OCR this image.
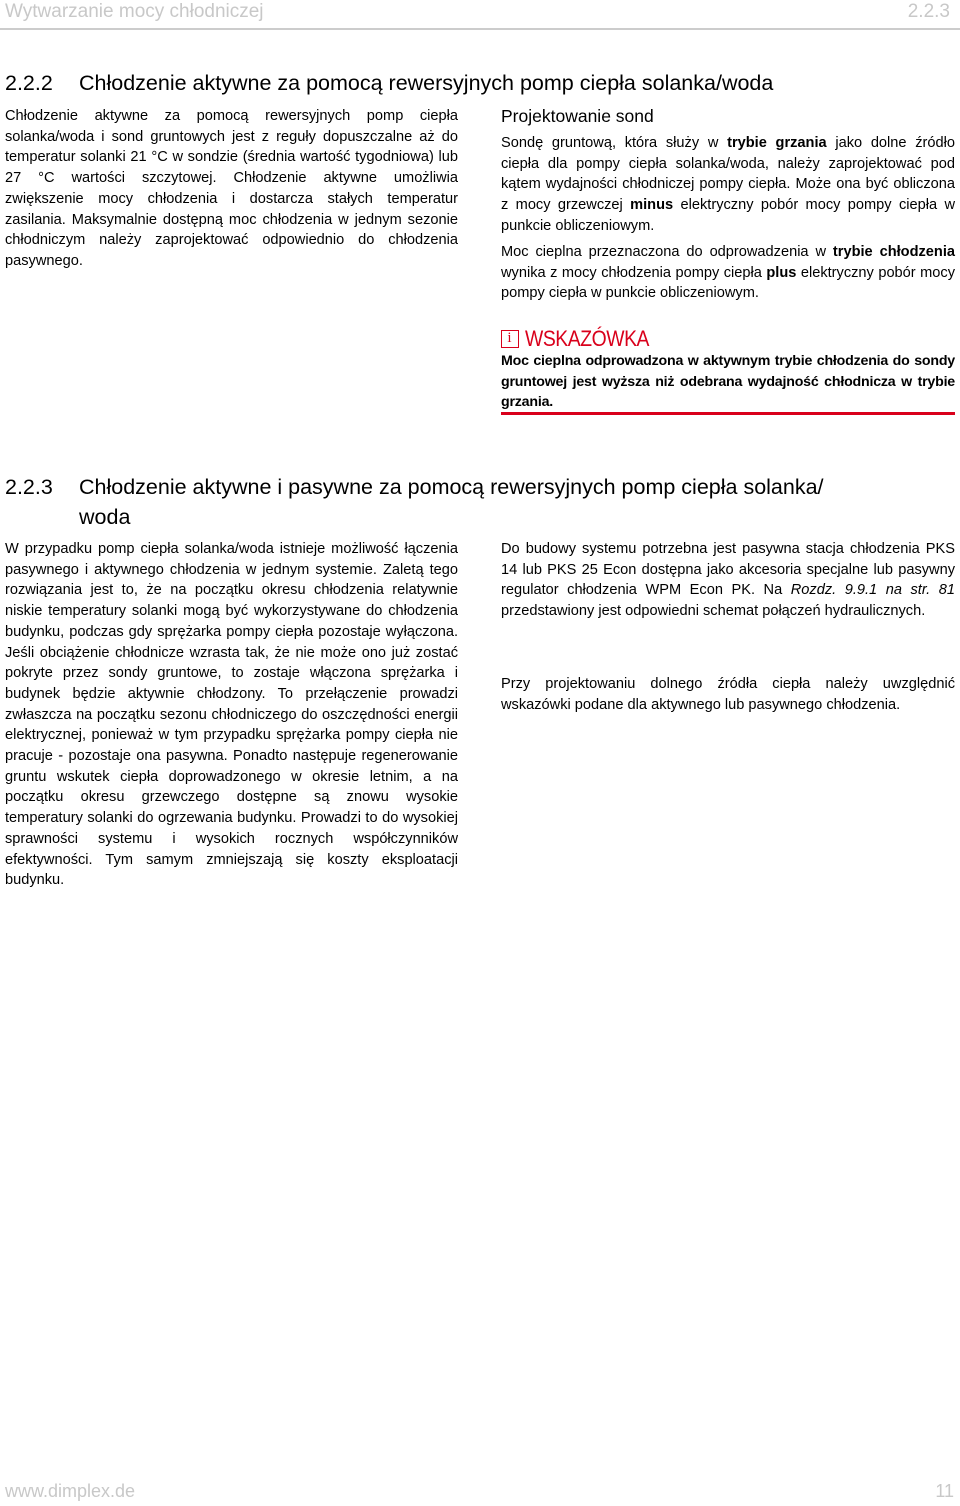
Wytwarzanie mocy chłodniczej	2.2.3
2.2.2 Chłodzenie aktywne za pomocą rewersyjnych pomp ciepła solanka/woda

Chłodzenie aktywne za pomocą rewersyjnych pomp ciepła solanka/woda i sond gruntowych jest z reguły dopuszczalne aż do temperatur solanki 21 °C w sondzie (średnia wartość tygodniowa) lub 27 °C wartości szczytowej. Chłodzenie aktywne umożliwia zwiększenie mocy chłodzenia i dostarcza stałych temperatur zasilania. Maksymalnie dostępną moc chłodzenia w jednym sezonie chłodniczym należy zaprojektować odpowiednio do chłodzenia pasywnego.

Projektowanie sond

Sondę gruntową, która służy w trybie grzania jako dolne źródło ciepła dla pompy ciepła solanka/woda, należy zaprojektować pod kątem wydajności chłodniczej pompy ciepła. Może ona być obliczona z mocy grzewczej minus elektryczny pobór mocy pompy ciepła w punkcie obliczeniowym.

Moc cieplna przeznaczona do odprowadzenia w trybie chłodzenia wynika z mocy chłodzenia pompy ciepła plus elektryczny pobór mocy pompy ciepła w punkcie obliczeniowym.

i WSKAZÓWKA

Moc cieplna odprowadzona w aktywnym trybie chłodzenia do sondy gruntowej jest wyższa niż odebrana wydajność chłodnicza w trybie grzania.

2.2.3 Chłodzenie aktywne i pasywne za pomocą rewersyjnych pomp ciepła solanka/
woda

W przypadku pomp ciepła solanka/woda istnieje możliwość łączenia pasywnego i aktywnego chłodzenia w jednym systemie. Zaletą tego rozwiązania jest to, że na początku okresu chłodzenia relatywnie niskie temperatury solanki mogą być wykorzystywane do chłodzenia budynku, podczas gdy sprężarka pompy ciepła pozostaje wyłączona. Jeśli obciążenie chłodnicze wzrasta tak, że nie może ono już zostać pokryte przez sondy gruntowe, to zostaje włączona sprężarka i budynek będzie aktywnie chłodzony. To przełączenie prowadzi zwłaszcza na początku sezonu chłodniczego do oszczędności energii elektrycznej, ponieważ w tym przypadku sprężarka pompy ciepła nie pracuje - pozostaje ona pasywna. Ponadto następuje regenerowanie gruntu wskutek ciepła doprowadzonego w okresie letnim, a na początku okresu grzewczego dostępne są znowu wysokie temperatury solanki do ogrzewania budynku. Prowadzi to do wysokiej sprawności systemu i wysokich rocznych współczynników efektywności. Tym samym zmniejszają się koszty eksploatacji budynku.

Do budowy systemu potrzebna jest pasywna stacja chłodzenia PKS 14 lub PKS 25 Econ dostępna jako akcesoria specjalne lub pasywny regulator chłodzenia WPM Econ PK. Na Rozdz. 9.9.1 na str. 81 przedstawiony jest odpowiedni schemat połączeń hydraulicznych.

Przy projektowaniu dolnego źródła ciepła należy uwzględnić wskazówki podane dla aktywnego lub pasywnego chłodzenia.

www.dimplex.de	11
